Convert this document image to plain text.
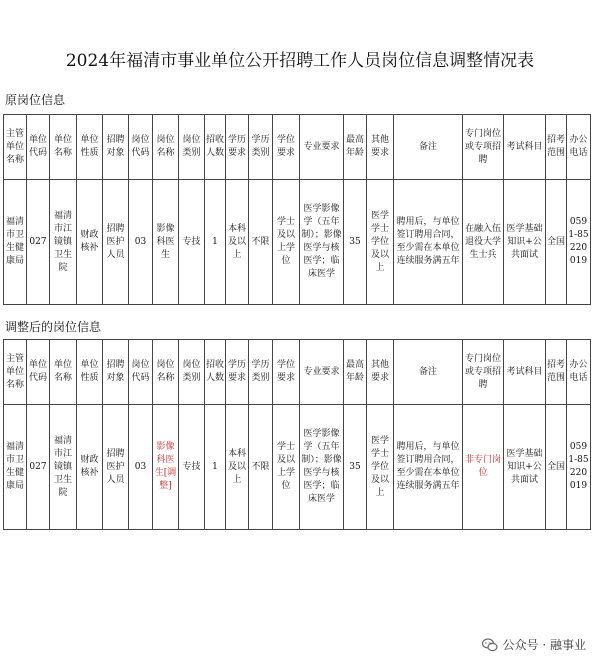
2024年福清市事业单位公开招聘工作人员岗位信息调整情况表
原岗位信息
主管单位名称	单位代码	单位名称	单位性质	招聘对象	岗位代码	岗位名称	岗位类别	招收人数	学历要求	学历类别	学位要求	专业要求	最高年龄	其他要求	备注	专门岗位或专项招聘	考试科目	招考范围	办公电话
福清市卫生健康局	027	福清市江镜镇卫生院	财政核补	招聘医护人员	03	影像科医生	专技	1	本科及以上	不限	学士及以上学位	医学影像学（五年制）；影像医学与核医学；临床医学	35	医学学士学位及以上	聘用后，与单位签订聘用合同，至少需在本单位连续服务满五年	在融入伍退役大学生士兵	医学基础知识+公共面试	全国	0591-85220019
调整后的岗位信息
主管单位名称	单位代码	单位名称	单位性质	招聘对象	岗位代码	岗位名称	岗位类别	招收人数	学历要求	学历类别	学位要求	专业要求	最高年龄	其他要求	备注	专门岗位或专项招聘	考试科目	招考范围	办公电话
福清市卫生健康局	027	福清市江镜镇卫生院	财政核补	招聘医护人员	03	影像科医生[调整]	专技	1	本科及以上	不限	学士及以上学位	医学影像学（五年制）；影像医学与核医学；临床医学	35	医学学士学位及以上	聘用后，与单位签订聘用合同，至少需在本单位连续服务满五年	非专门岗位	医学基础知识+公共面试	全国	0591-85220019
公众号 · 融事业
